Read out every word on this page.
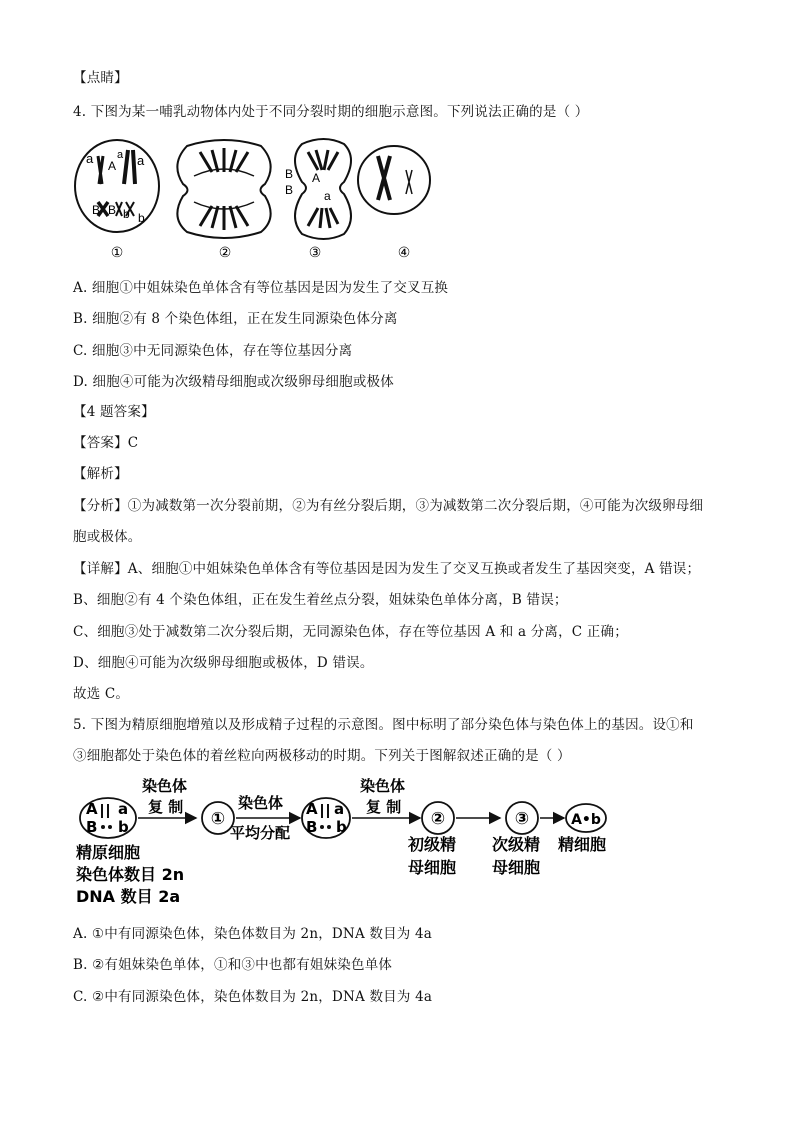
【点睛】
4. 下图为某一哺乳动物体内处于不同分裂时期的细胞示意图。下列说法正确的是（ ）
a A
a a
B B b b
B
B
A
a
①	②	③	④
A. 细胞①中姐妹染色单体含有等位基因是因为发生了交叉互换
B. 细胞②有 8 个染色体组，正在发生同源染色体分离
C. 细胞③中无同源染色体，存在等位基因分离
D. 细胞④可能为次级精母细胞或次级卵母细胞或极体
【4 题答案】
【答案】C
【解析】
【分析】①为减数第一次分裂前期，②为有丝分裂后期，③为减数第二次分裂后期，④可能为次级卵母细
胞或极体。
【详解】A、细胞①中姐妹染色单体含有等位基因是因为发生了交叉互换或者发生了基因突变，A 错误；
B、细胞②有 4 个染色体组，正在发生着丝点分裂，姐妹染色单体分离，B 错误；
C、细胞③处于减数第二次分裂后期，无同源染色体，存在等位基因 A 和 a 分离，C 正确；
D、细胞④可能为次级卵母细胞或极体，D 错误。
故选 C。
5. 下图为精原细胞增殖以及形成精子过程的示意图。图中标明了部分染色体与染色体上的基因。设①和
③细胞都处于染色体的着丝粒向两极移动的时期。下列关于图解叙述正确的是（ ）
A a
B b
染色体
复 制
①
染色体
平均分配
A a
B b
染色体
复 制
②	③	A•b
精原细胞
染色体数目 2n
DNA 数目 2a
初级精
母细胞
次级精
母细胞
精细胞
A. ①中有同源染色体，染色体数目为 2n，DNA 数目为 4a
B. ②有姐妹染色单体，①和③中也都有姐妹染色单体
C. ②中有同源染色体，染色体数目为 2n，DNA 数目为 4a
